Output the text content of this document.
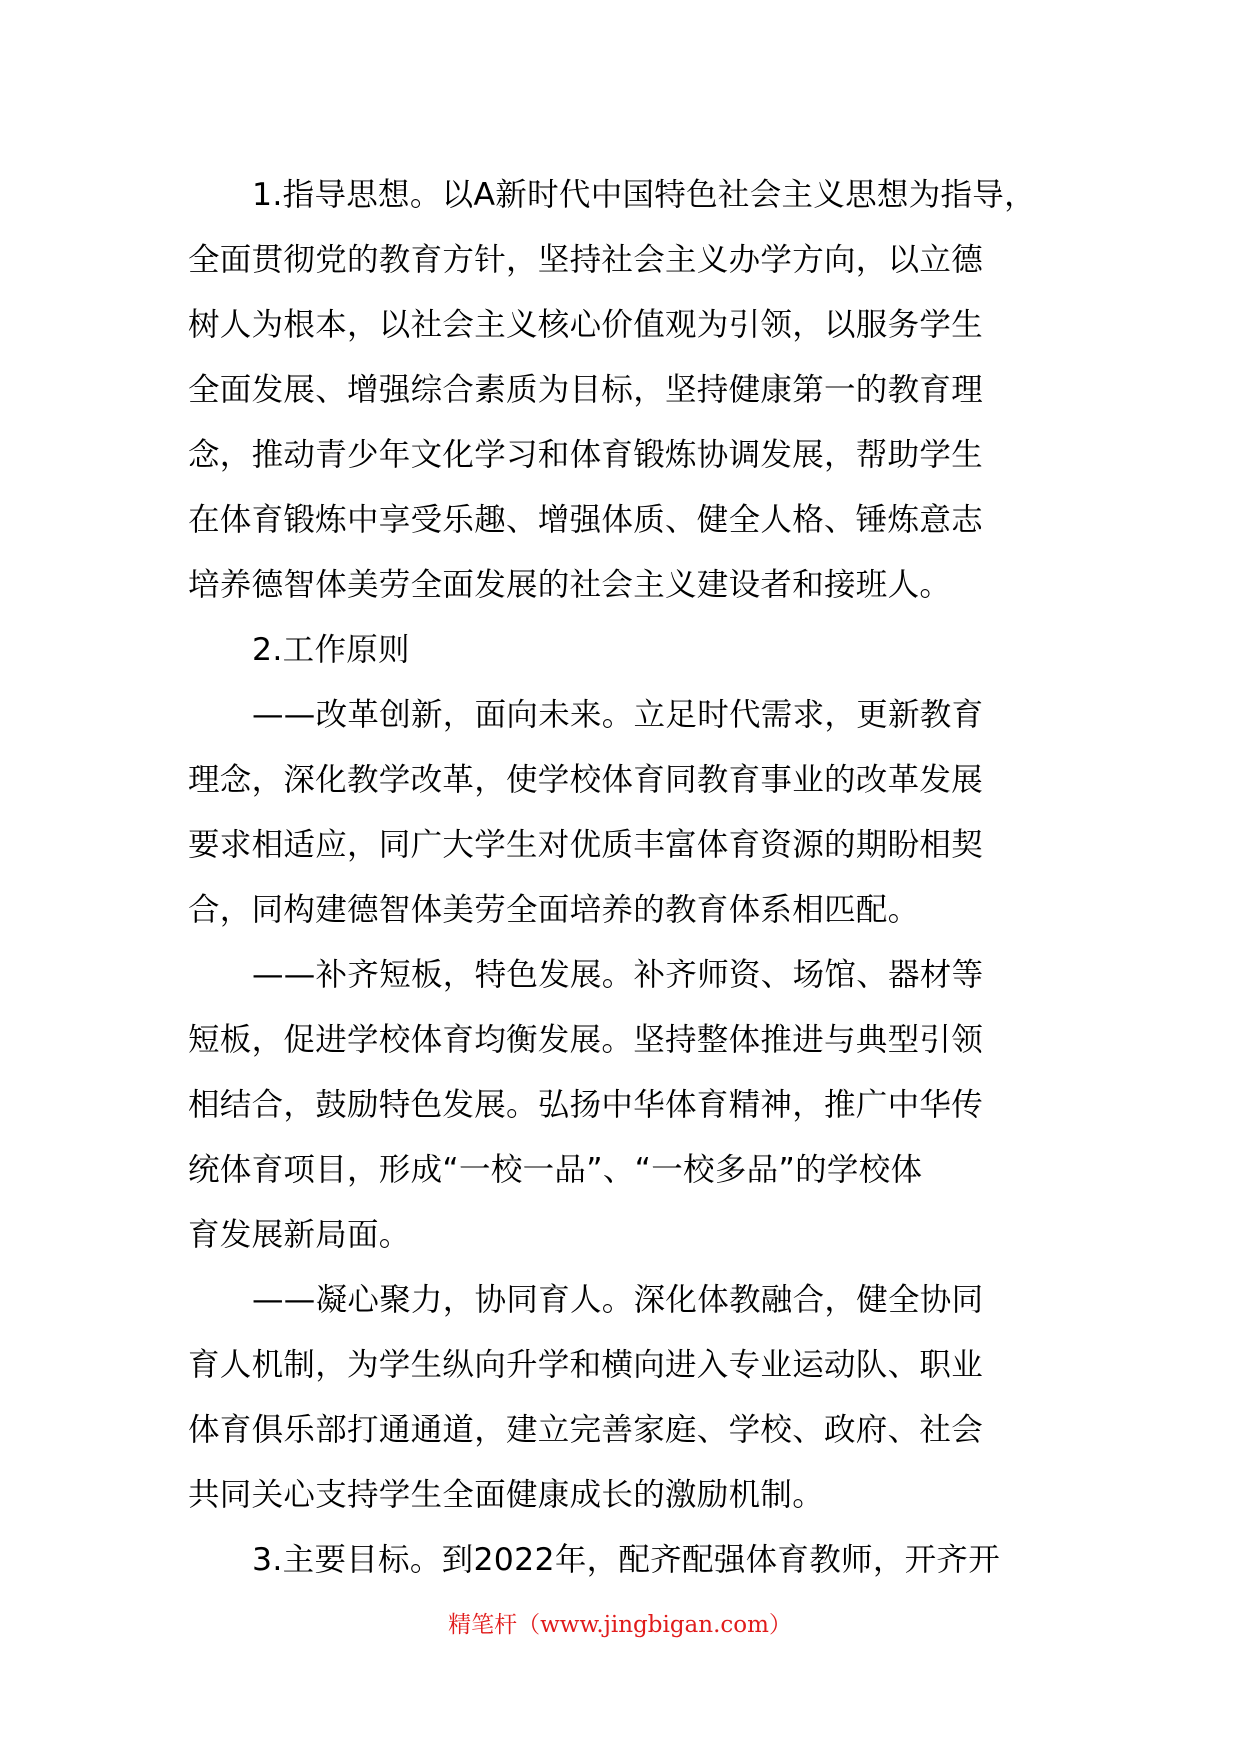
1.指导思想。以A新时代中国特色社会主义思想为指导，
全面贯彻党的教育方针，坚持社会主义办学方向，以立德
树人为根本，以社会主义核心价值观为引领，以服务学生
全面发展、增强综合素质为目标，坚持健康第一的教育理
念，推动青少年文化学习和体育锻炼协调发展，帮助学生
在体育锻炼中享受乐趣、增强体质、健全人格、锤炼意志
培养德智体美劳全面发展的社会主义建设者和接班人。
2.工作原则
——改革创新，面向未来。立足时代需求，更新教育
理念，深化教学改革，使学校体育同教育事业的改革发展
要求相适应，同广大学生对优质丰富体育资源的期盼相契
合，同构建德智体美劳全面培养的教育体系相匹配。
——补齐短板，特色发展。补齐师资、场馆、器材等
短板，促进学校体育均衡发展。坚持整体推进与典型引领
相结合，鼓励特色发展。弘扬中华体育精神，推广中华传
统体育项目，形成“一校一品”、“一校多品”的学校体
育发展新局面。
——凝心聚力，协同育人。深化体教融合，健全协同
育人机制，为学生纵向升学和横向进入专业运动队、职业
体育俱乐部打通通道，建立完善家庭、学校、政府、社会
共同关心支持学生全面健康成长的激励机制。
3.主要目标。到2022年，配齐配强体育教师，开齐开
精笔杆（www.jingbigan.com）
